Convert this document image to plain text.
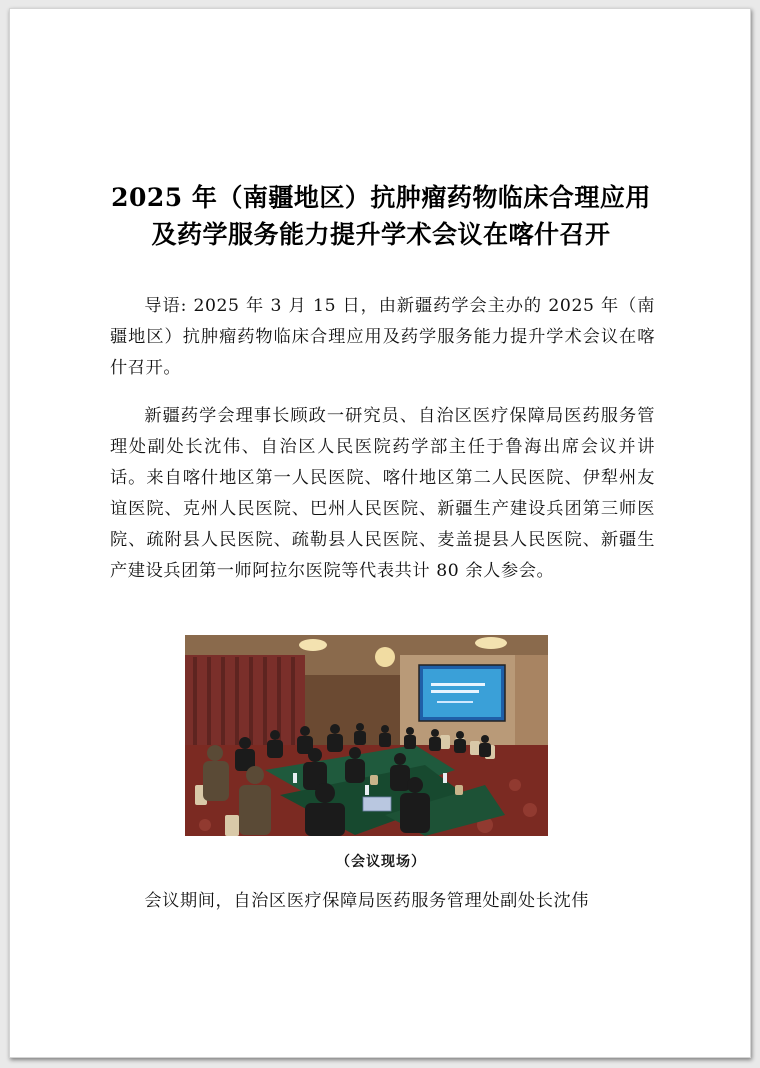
2025 年（南疆地区）抗肿瘤药物临床合理应用
及药学服务能力提升学术会议在喀什召开
导语: 2025 年 3 月 15 日，由新疆药学会主办的 2025 年（南疆地区）抗肿瘤药物临床合理应用及药学服务能力提升学术会议在喀什召开。
新疆药学会理事长顾政一研究员、自治区医疗保障局医药服务管理处副处长沈伟、自治区人民医院药学部主任于鲁海出席会议并讲话。来自喀什地区第一人民医院、喀什地区第二人民医院、伊犁州友谊医院、克州人民医院、巴州人民医院、新疆生产建设兵团第三师医院、疏附县人民医院、疏勒县人民医院、麦盖提县人民医院、新疆生产建设兵团第一师阿拉尔医院等代表共计 80 余人参会。
（会议现场）
会议期间，自治区医疗保障局医药服务管理处副处长沈伟
